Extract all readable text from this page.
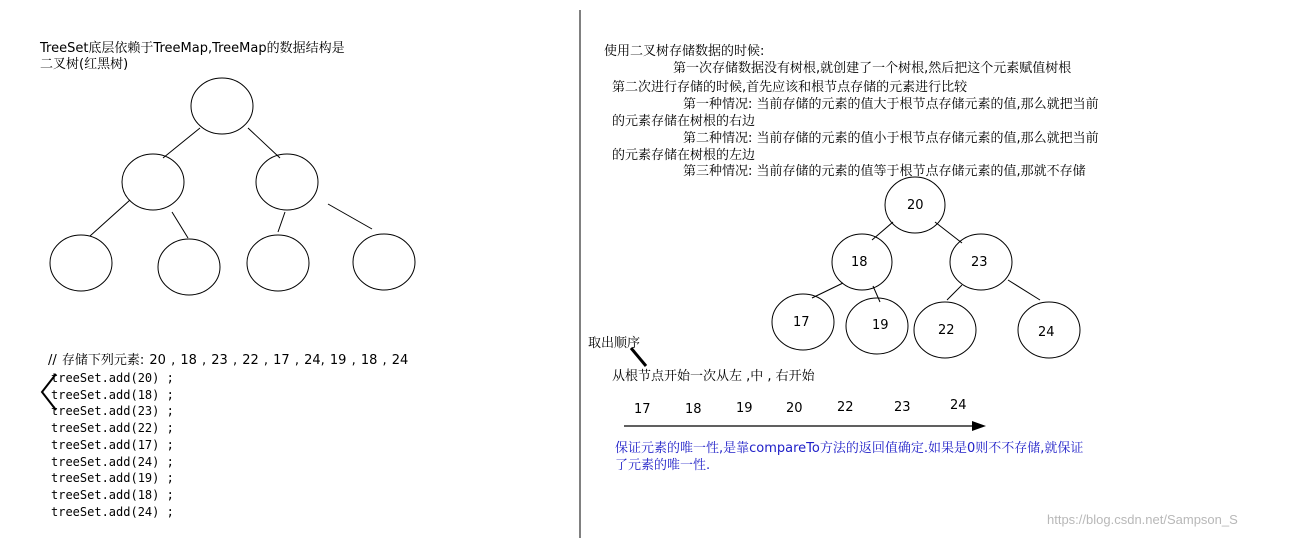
TreeSet底层依赖于TreeMap,TreeMap的数据结构是
二叉树(红黑树)
// 存储下列元素: 20 , 18 , 23 , 22 , 17 , 24, 19 , 18 , 24
treeSet.add(20) ;
treeSet.add(18) ;
treeSet.add(23) ;
treeSet.add(22) ;
treeSet.add(17) ;
treeSet.add(24) ;
treeSet.add(19) ;
treeSet.add(18) ;
treeSet.add(24) ;
使用二叉树存储数据的时候:
第一次存储数据没有树根,就创建了一个树根,然后把这个元素赋值树根
第二次进行存储的时候,首先应该和根节点存储的元素进行比较
第一种情况: 当前存储的元素的值大于根节点存储元素的值,那么就把当前
的元素存储在树根的右边
第二种情况: 当前存储的元素的值小于根节点存储元素的值,那么就把当前
的元素存储在树根的左边
第三种情况: 当前存储的元素的值等于根节点存储元素的值,那就不存储
20
18	23
17	19	22	24
取出顺序
从根节点开始一次从左 ,中 , 右开始
17	18	19	20	22	23	24
保证元素的唯一性,是靠compareTo方法的返回值确定.如果是0则不不存储,就保证
了元素的唯一性.
https://blog.csdn.net/Sampson_S
